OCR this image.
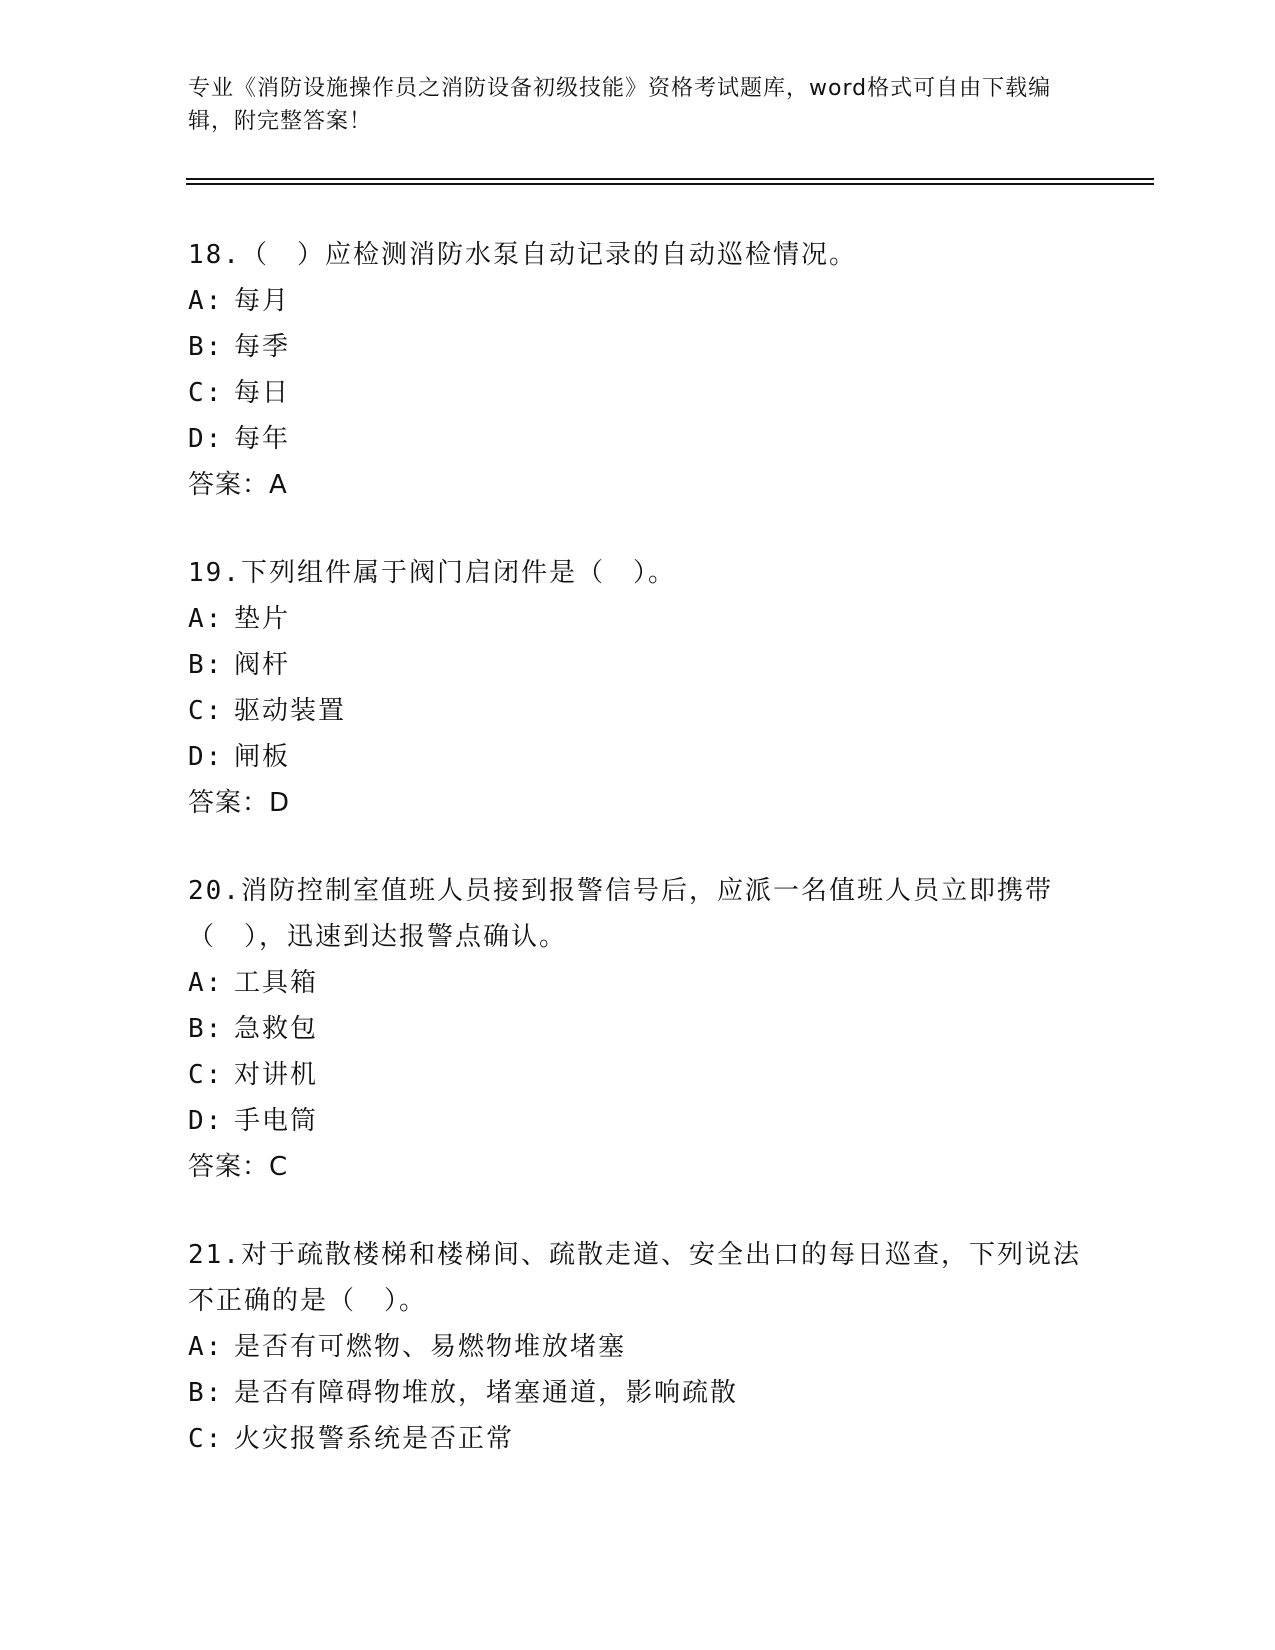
专业《消防设施操作员之消防设备初级技能》资格考试题库，word格式可自由下载编辑，附完整答案！

18.（　）应检测消防水泵自动记录的自动巡检情况。

A: 每月

B: 每季

C: 每日

D: 每年

答案：A

19.下列组件属于阀门启闭件是（　）。

A: 垫片

B: 阀杆

C: 驱动装置

D: 闸板

答案：D

20.消防控制室值班人员接到报警信号后，应派一名值班人员立即携带（　），迅速到达报警点确认。

A: 工具箱

B: 急救包

C: 对讲机

D: 手电筒

答案：C

21.对于疏散楼梯和楼梯间、疏散走道、安全出口的每日巡查，下列说法不正确的是（　）。

A: 是否有可燃物、易燃物堆放堵塞

B: 是否有障碍物堆放，堵塞通道，影响疏散

C: 火灾报警系统是否正常
